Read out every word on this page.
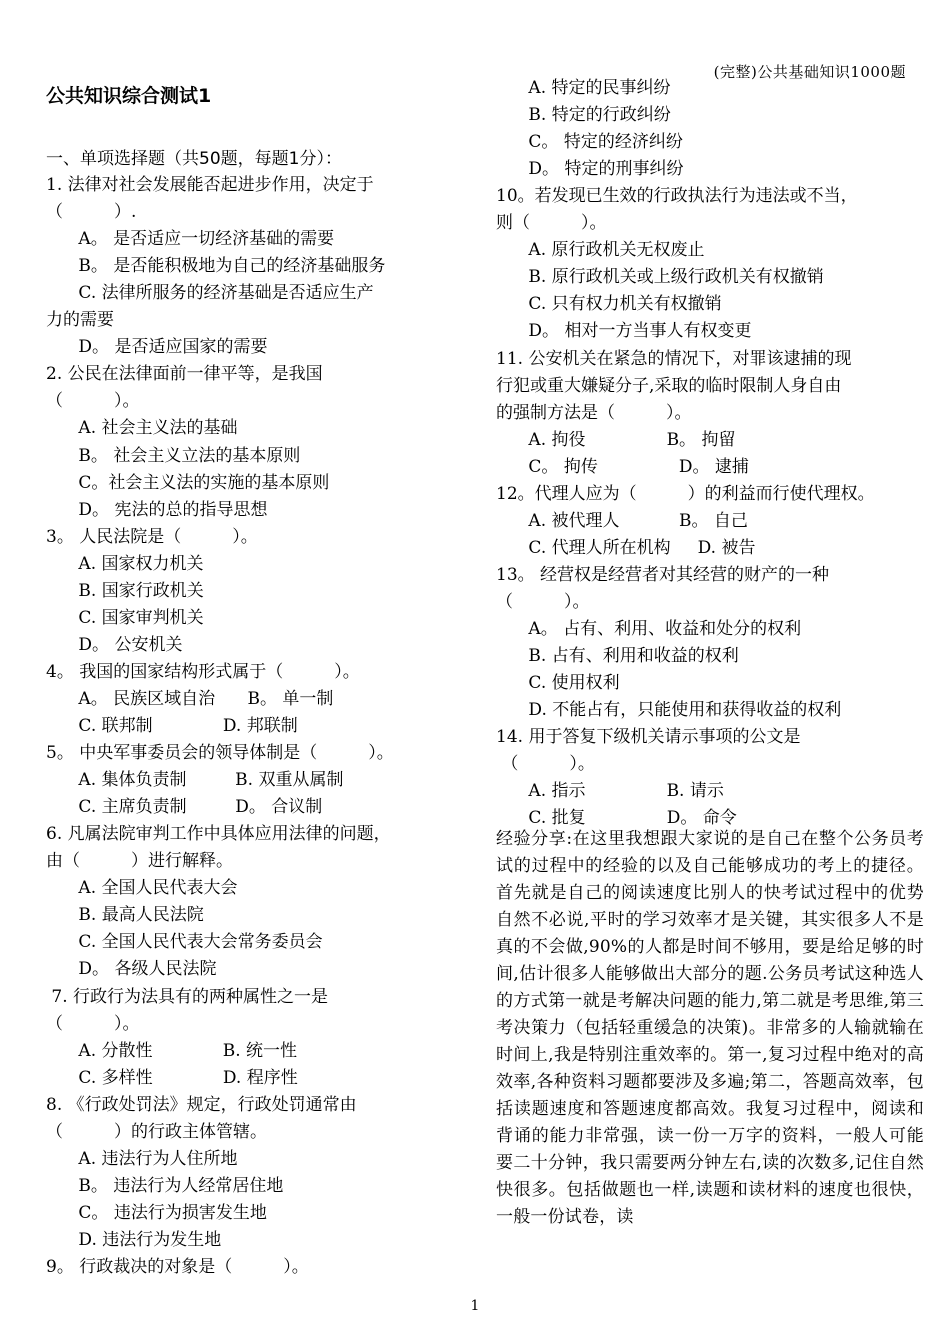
(完整)公共基础知识1000题
公共知识综合测试1
一、单项选择题（共50题，每题1分）：
1. 法律对社会发展能否起进步作用，决定于
（　　　）.
A。 是否适应一切经济基础的需要
B。 是否能积极地为自己的经济基础服务
C. 法律所服务的经济基础是否适应生产
力的需要
D。 是否适应国家的需要
2. 公民在法律面前一律平等，是我国
（　　　）。
A. 社会主义法的基础
B。 社会主义立法的基本原则
C。社会主义法的实施的基本原则
D。 宪法的总的指导思想
3。 人民法院是（　　　）。
A. 国家权力机关
B. 国家行政机关
C. 国家审判机关
D。 公安机关
4。 我国的国家结构形式属于（　　　）。
A。 民族区域自治      B。 单一制
C. 联邦制             D. 邦联制
5。 中央军事委员会的领导体制是（　　　）。
A. 集体负责制         B. 双重从属制
C. 主席负责制         D。 合议制
6. 凡属法院审判工作中具体应用法律的问题，
由（　　　）进行解释。
A. 全国人民代表大会
B. 最高人民法院
C. 全国人民代表大会常务委员会
D。 各级人民法院
7. 行政行为法具有的两种属性之一是
（　　　）。
A. 分散性             B. 统一性
C. 多样性             D. 程序性
8. 《行政处罚法》规定，行政处罚通常由
（　　　）的行政主体管辖。
A. 违法行为人住所地
B。 违法行为人经常居住地
C。 违法行为损害发生地
D. 违法行为发生地
9。 行政裁决的对象是（　　　）。
A. 特定的民事纠纷
B. 特定的行政纠纷
C。 特定的经济纠纷
D。 特定的刑事纠纷
10。若发现已生效的行政执法行为违法或不当，
则（　　　）。
A. 原行政机关无权废止
B. 原行政机关或上级行政机关有权撤销
C. 只有权力机关有权撤销
D。 相对一方当事人有权变更
11. 公安机关在紧急的情况下，对罪该逮捕的现
行犯或重大嫌疑分子,采取的临时限制人身自由
的强制方法是（　　　）。
A. 拘役               B。 拘留
C。 拘传               D。 逮捕
12。代理人应为（　　　）的利益而行使代理权。
A. 被代理人           B。 自己
C. 代理人所在机构     D. 被告
13。 经营权是经营者对其经营的财产的一种
（　　　）。
A。 占有、利用、收益和处分的权利
B. 占有、利用和收益的权利
C. 使用权利
D. 不能占有，只能使用和获得收益的权利
14. 用于答复下级机关请示事项的公文是
（　　　）。
A. 指示               B. 请示
C. 批复               D。 命令
经验分享:在这里我想跟大家说的是自己在整个公务员考试的过程中的经验的以及自己能够成功的考上的捷径。首先就是自己的阅读速度比别人的快考试过程中的优势自然不必说,平时的学习效率才是关键，其实很多人不是真的不会做,90%的人都是时间不够用，要是给足够的时间,估计很多人能够做出大部分的题.公务员考试这种选人的方式第一就是考解决问题的能力,第二就是考思维,第三考决策力（包括轻重缓急的决策)。非常多的人输就输在时间上,我是特别注重效率的。第一,复习过程中绝对的高效率,各种资料习题都要涉及多遍;第二，答题高效率，包括读题速度和答题速度都高效。我复习过程中，阅读和背诵的能力非常强，读一份一万字的资料，一般人可能要二十分钟，我只需要两分钟左右,读的次数多,记住自然快很多。包括做题也一样,读题和读材料的速度也很快，一般一份试卷，读
1
